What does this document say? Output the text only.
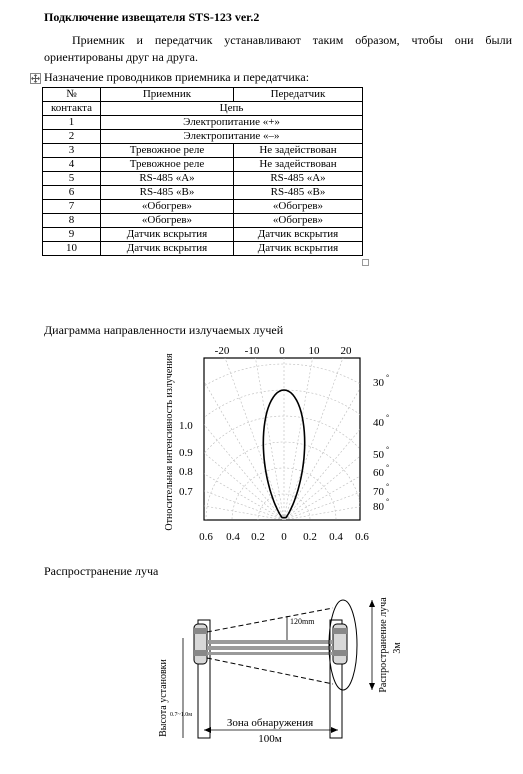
Подключение извещателя STS-123 ver.2
Приемник и передатчик устанавливают таким образом, чтобы они были
ориентированы друг на друга.
Назначение проводников приемника и передатчика:
№	Приемник	Передатчик
контакта	Цепь	
1	Электропитание «+»	
2	Электропитание «–»	
3	Тревожное реле	Не задействован
4	Тревожное реле	Не задействован
5	RS-485 «A»	RS-485 «A»
6	RS-485 «B»	RS-485 «B»
7	«Обогрев»	«Обогрев»
8	«Обогрев»	«Обогрев»
9	Датчик вскрытия	Датчик вскрытия
10	Датчик вскрытия	Датчик вскрытия
Диаграмма направленности излучаемых лучей
Относительная интенсивность излучения
-20 -10 0 10 20
30
40
50
60
70
80
°
°
°
°
°
°
1.0
0.9
0.8
0.7
0.6 0.4 0.2 0 0.2 0.4 0.6
Распространение луча
120mm
Высота установки 0.7~1.0м
Зона обнаружения
100м
Распространение луча 3м
